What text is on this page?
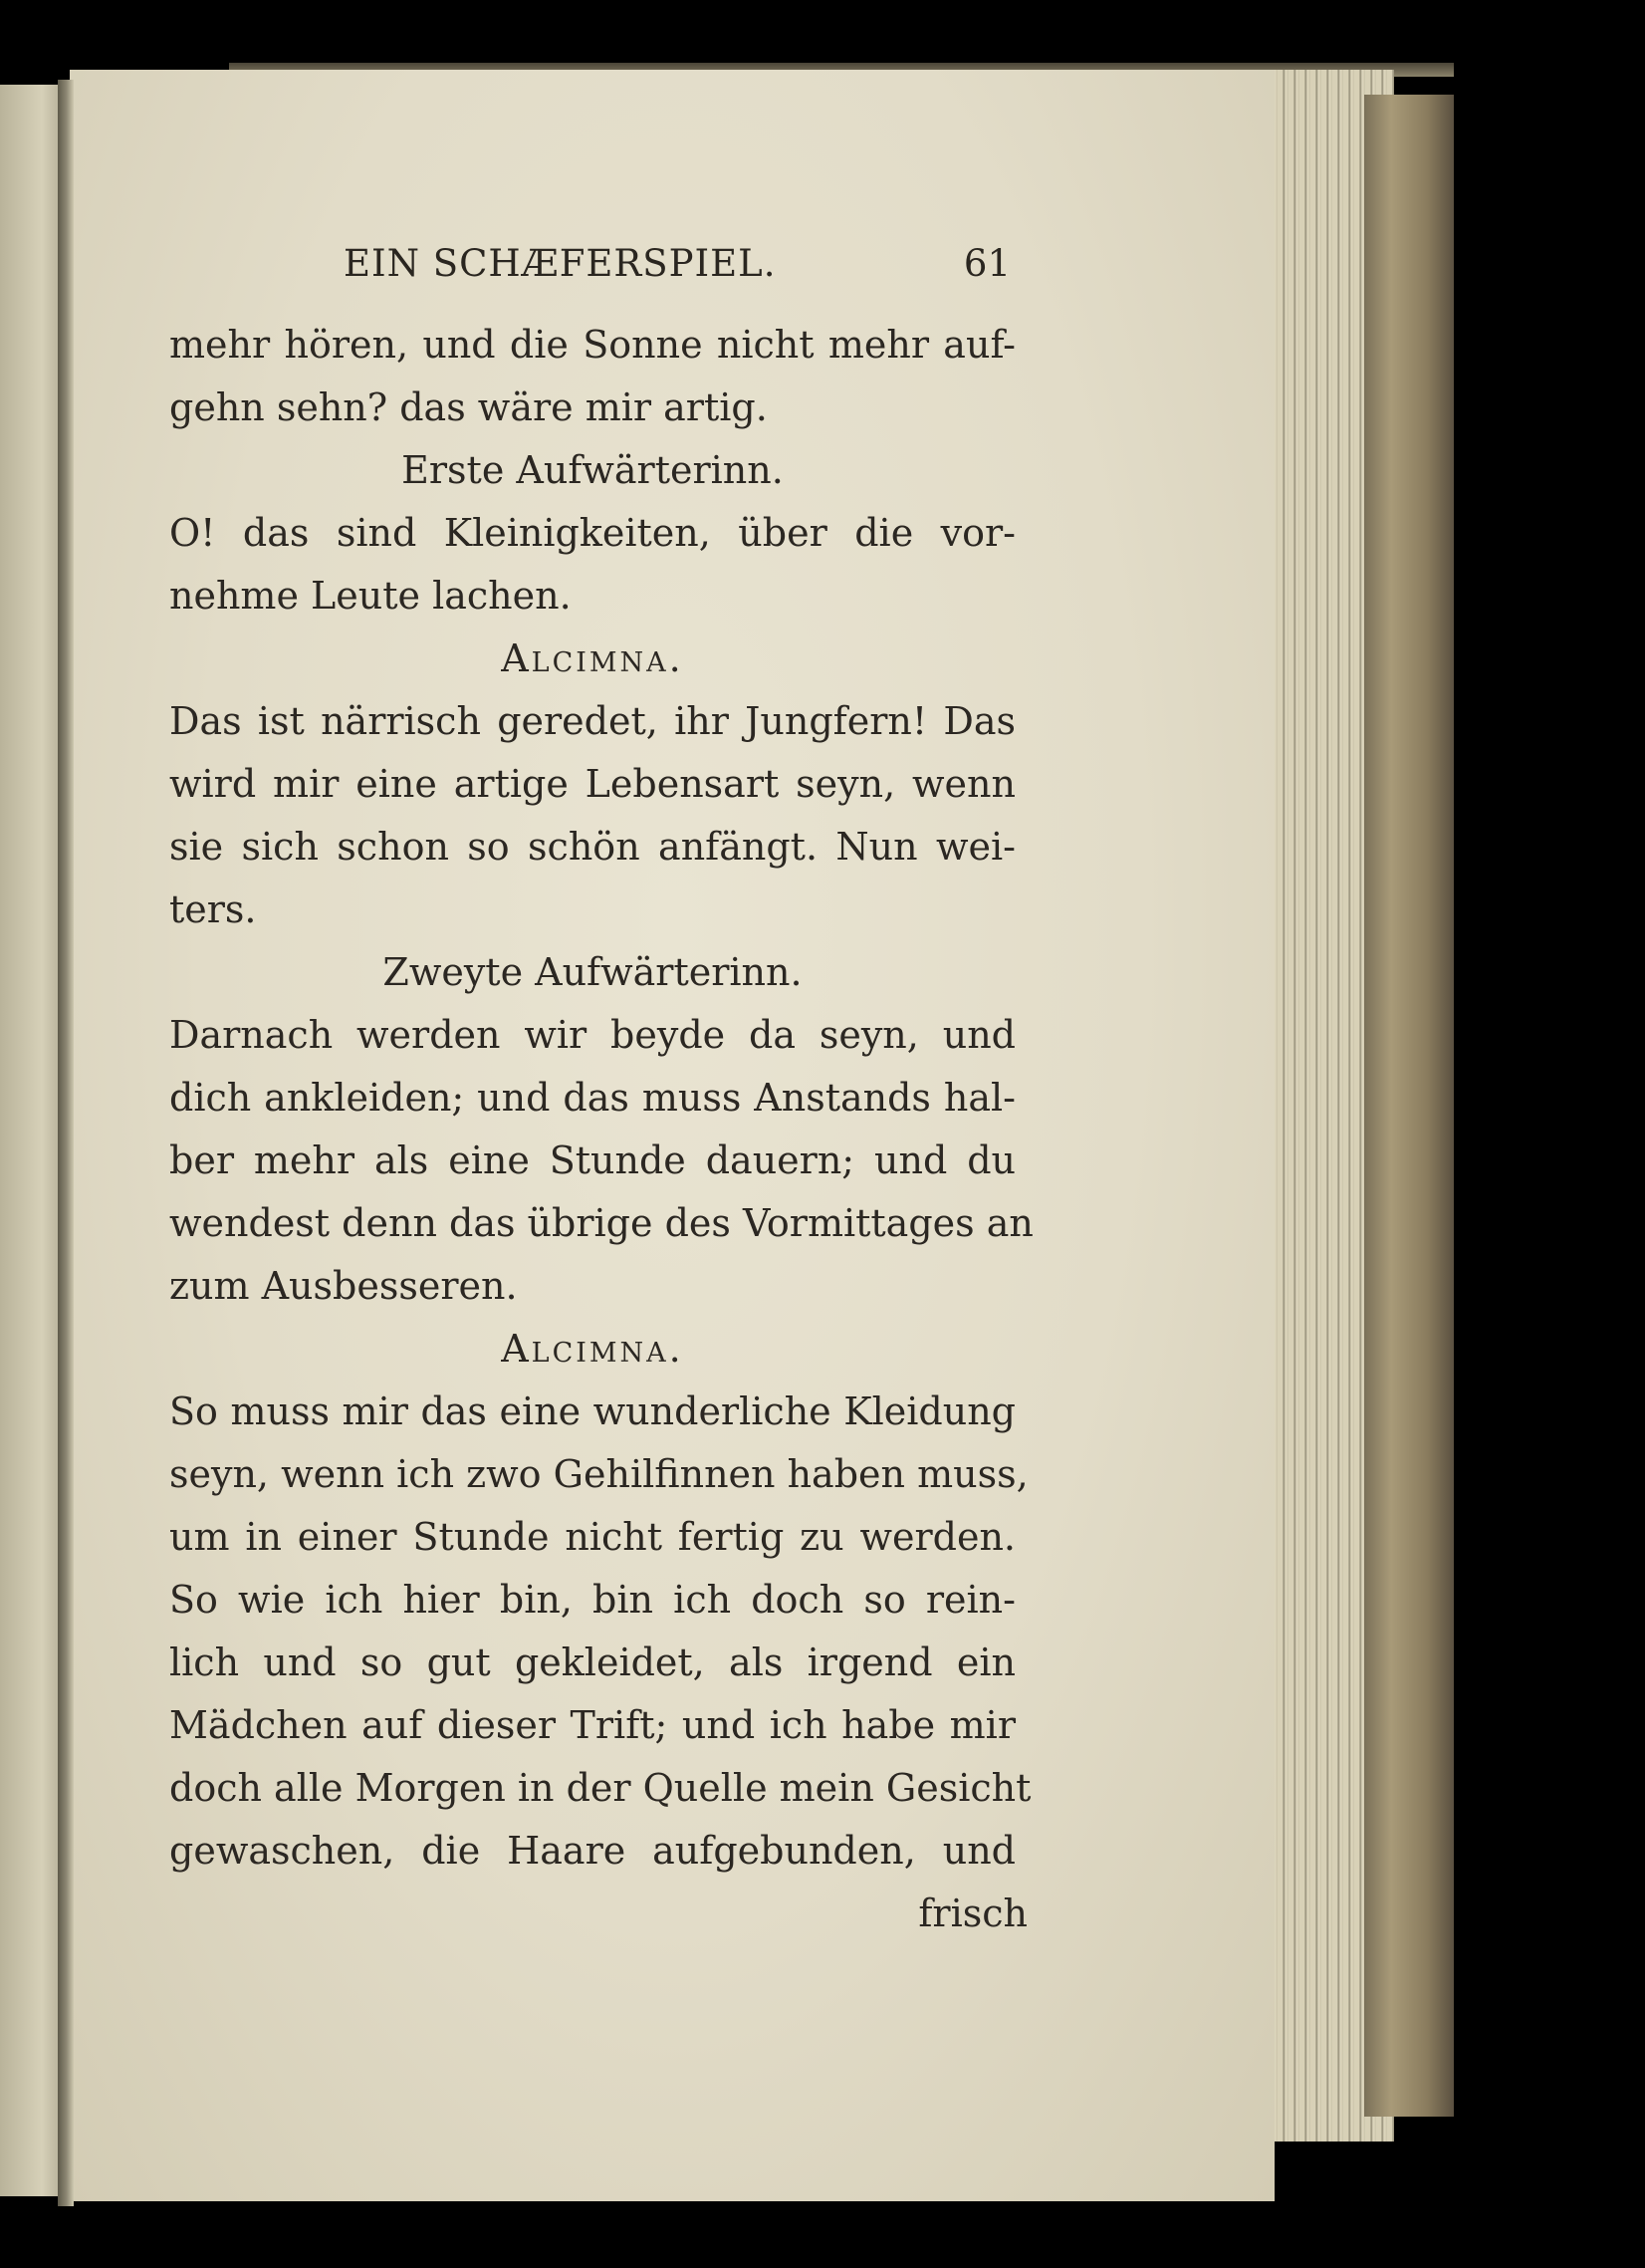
EIN SCHÆFERSPIEL.	61
mehr hören, und die Sonne nicht mehr auf-
gehn sehn? das wäre mir artig.
Erste Aufwärterinn.
O! das sind Kleinigkeiten, über die vor-
nehme Leute lachen.
Alcimna.
Das ist närrisch geredet, ihr Jungfern! Das
wird mir eine artige Lebensart seyn, wenn
sie sich schon so schön anfängt. Nun wei-
ters.
Zweyte Aufwärterinn.
Darnach werden wir beyde da seyn, und
dich ankleiden; und das muss Anstands hal-
ber mehr als eine Stunde dauern; und du
wendest denn das übrige des Vormittages an
zum Ausbesseren.
Alcimna.
So muss mir das eine wunderliche Kleidung
seyn, wenn ich zwo Gehilfinnen haben muss,
um in einer Stunde nicht fertig zu werden.
So wie ich hier bin, bin ich doch so rein-
lich und so gut gekleidet, als irgend ein
Mädchen auf dieser Trift; und ich habe mir
doch alle Morgen in der Quelle mein Gesicht
gewaschen, die Haare aufgebunden, und
frisch
